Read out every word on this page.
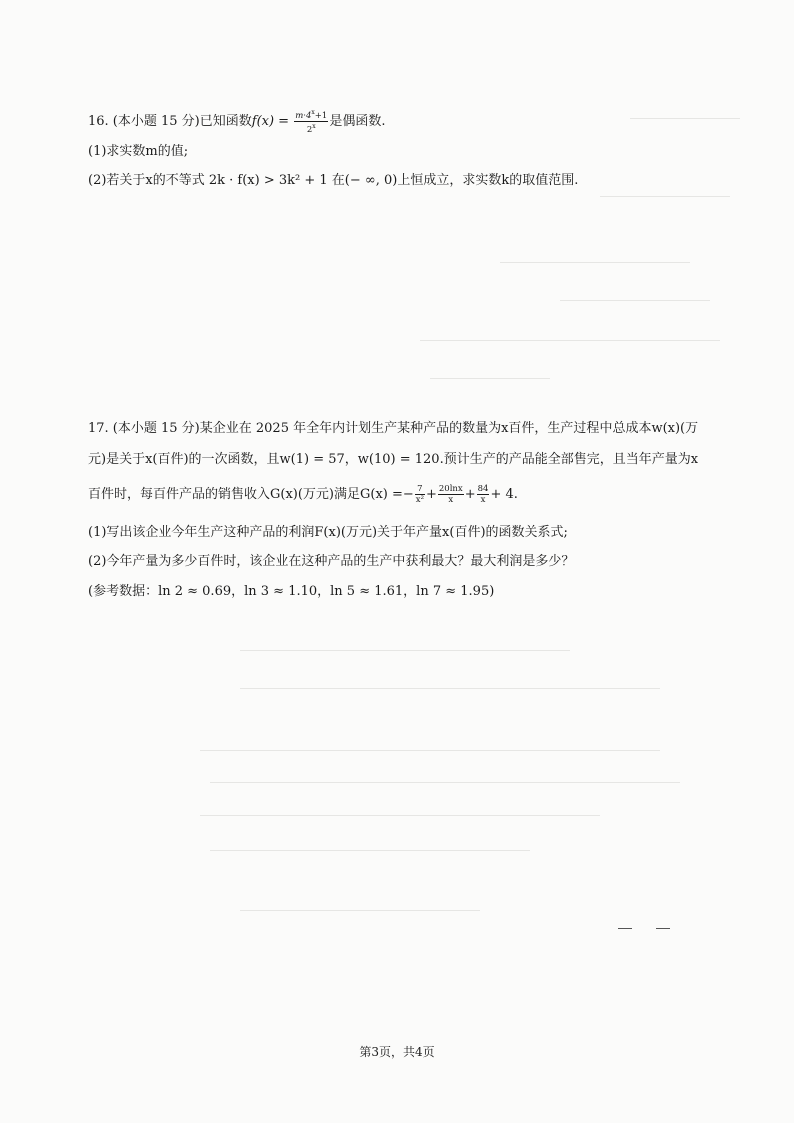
16. (本小题 15 分)已知函数$f(x) = \frac{m\cdot 4^x+1}{2^x}$ 是偶函数.
(1)求实数m的值;
(2)若关于x的不等式 2k · f(x) > 3k² + 1 在(− ∞, 0)上恒成立，求实数k的取值范围.
17. (本小题 15 分)某企业在 2025 年全年内计划生产某种产品的数量为x百件，生产过程中总成本w(x)(万
元)是关于x(百件)的一次函数，且w(1) = 57，w(10) = 120.预计生产的产品能全部售完，且当年产量为x
百件时，每百件产品的销售收入G(x)(万元)满足$G(x) =- \frac{7}{\text{x²}} + \frac{20\ln x}{x} + \frac{84}{x} + 4$.
(1)写出该企业今年生产这种产品的利润F(x)(万元)关于年产量x(百件)的函数关系式;
(2)今年产量为多少百件时，该企业在这种产品的生产中获利最大？最大利润是多少？
(参考数据：ln 2 ≈ 0.69，ln 3 ≈ 1.10，ln 5 ≈ 1.61，ln 7 ≈ 1.95)
第3页，共4页
